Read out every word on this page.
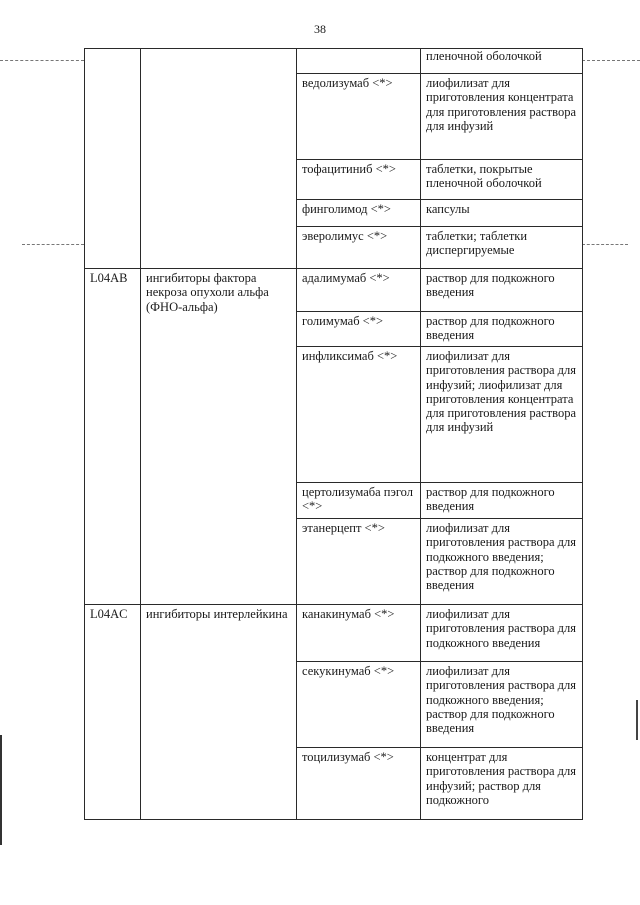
38
			пленочной оболочкой
		ведолизумаб <*>	лиофилизат для приготовления концентрата для приготовления раствора для инфузий
		тофацитиниб <*>	таблетки, покрытые пленочной оболочкой
		финголимод <*>	капсулы
		эверолимус <*>	таблетки; таблетки диспергируемые
L04AB	ингибиторы фактора некроза опухоли альфа (ФНО-альфа)	адалимумаб <*>	раствор для подкожного введения
		голимумаб <*>	раствор для подкожного введения
		инфликсимаб <*>	лиофилизат для приготовления раствора для инфузий; лиофилизат для приготовления концентрата для приготовления раствора для инфузий
		цертолизумаба пэгол <*>	раствор для подкожного введения
		этанерцепт <*>	лиофилизат для приготовления раствора для подкожного введения; раствор для подкожного введения
L04AC	ингибиторы интерлейкина	канакинумаб <*>	лиофилизат для приготовления раствора для подкожного введения
		секукинумаб <*>	лиофилизат для приготовления раствора для подкожного введения; раствор для подкожного введения
		тоцилизумаб <*>	концентрат для приготовления раствора для инфузий; раствор для подкожного
